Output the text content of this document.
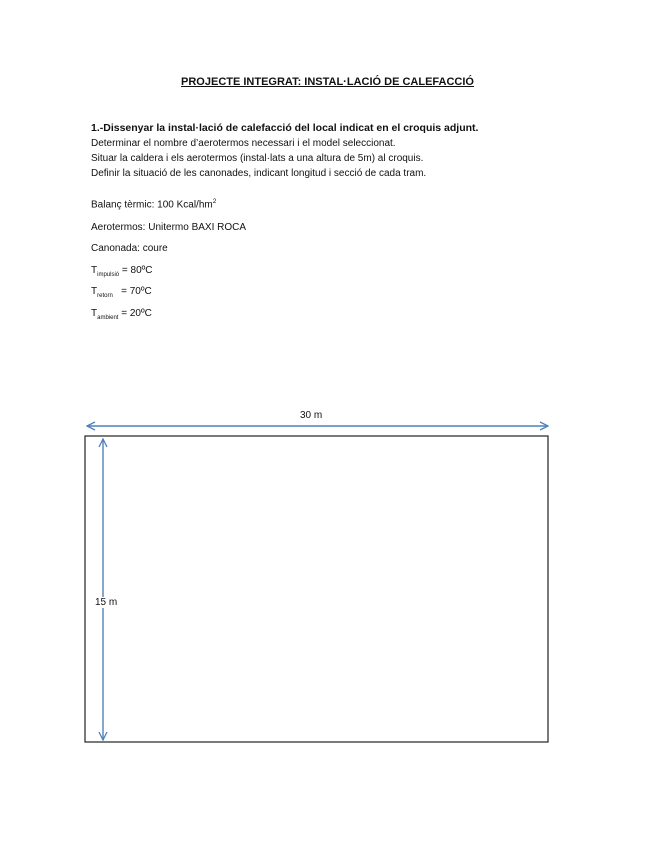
PROJECTE INTEGRAT: INSTAL·LACIÓ DE CALEFACCIÓ
1.-Dissenyar la instal·lació de calefacció del local indicat en el croquis adjunt.
Determinar el nombre d’aerotermos necessari i el model seleccionat.
Situar la caldera i els aerotermos (instal·lats a una altura de 5m) al croquis.
Definir la situació de les canonades, indicant longitud i secció de cada tram.
Balanç tèrmic: 100 Kcal/$hm^2$
Aerotermos: Unitermo BAXI ROCA
Canonada: coure
$T_{impulsió}$ = 80ºC
$T_{retorn}$   = 70ºC
$T_{ambient}$ = 20ºC
30 m
15 m
